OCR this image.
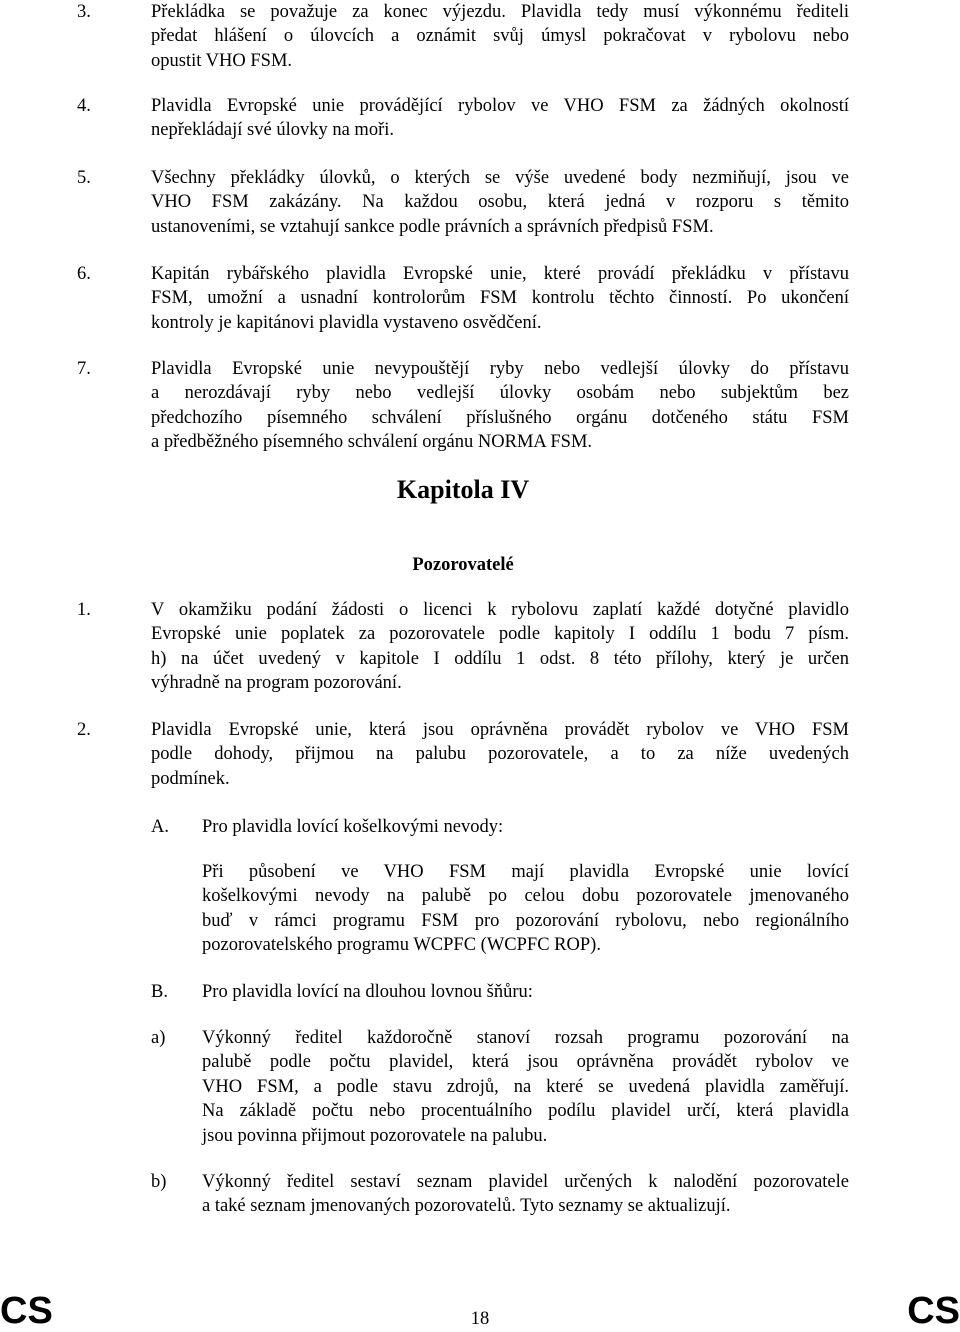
3.	Překládka se považuje za konec výjezdu. Plavidla tedy musí výkonnému řediteli
předat hlášení o úlovcích a oznámit svůj úmysl pokračovat v rybolovu nebo
opustit VHO FSM.
4.	Plavidla Evropské unie provádějící rybolov ve VHO FSM za žádných okolností
nepřekládají své úlovky na moři.
5.	Všechny překládky úlovků, o kterých se výše uvedené body nezmiňují, jsou ve
VHO FSM zakázány. Na každou osobu, která jedná v rozporu s těmito
ustanoveními, se vztahují sankce podle právních a správních předpisů FSM.
6.	Kapitán rybářského plavidla Evropské unie, které provádí překládku v přístavu
FSM, umožní a usnadní kontrolorům FSM kontrolu těchto činností. Po ukončení
kontroly je kapitánovi plavidla vystaveno osvědčení.
7.	Plavidla Evropské unie nevypouštějí ryby nebo vedlejší úlovky do přístavu
a nerozdávají ryby nebo vedlejší úlovky osobám nebo subjektům bez
předchozího písemného schválení příslušného orgánu dotčeného státu FSM
a předběžného písemného schválení orgánu NORMA FSM.
Kapitola IV
Pozorovatelé
1.	V okamžiku podání žádosti o licenci k rybolovu zaplatí každé dotyčné plavidlo
Evropské unie poplatek za pozorovatele podle kapitoly I oddílu 1 bodu 7 písm.
h) na účet uvedený v kapitole I oddílu 1 odst. 8 této přílohy, který je určen
výhradně na program pozorování.
2.	Plavidla Evropské unie, která jsou oprávněna provádět rybolov ve VHO FSM
podle dohody, přijmou na palubu pozorovatele, a to za níže uvedených
podmínek.
A. Pro plavidla lovící košelkovými nevody:
Při působení ve VHO FSM mají plavidla Evropské unie lovící
košelkovými nevody na palubě po celou dobu pozorovatele jmenovaného
buď v rámci programu FSM pro pozorování rybolovu, nebo regionálního
pozorovatelského programu WCPFC (WCPFC ROP).
B. Pro plavidla lovící na dlouhou lovnou šňůru:
a) Výkonný ředitel každoročně stanoví rozsah programu pozorování na
palubě podle počtu plavidel, která jsou oprávněna provádět rybolov ve
VHO FSM, a podle stavu zdrojů, na které se uvedená plavidla zaměřují.
Na základě počtu nebo procentuálního podílu plavidel určí, která plavidla
jsou povinna přijmout pozorovatele na palubu.
b) Výkonný ředitel sestaví seznam plavidel určených k nalodění pozorovatele
a také seznam jmenovaných pozorovatelů. Tyto seznamy se aktualizují.
CS	18	CS
